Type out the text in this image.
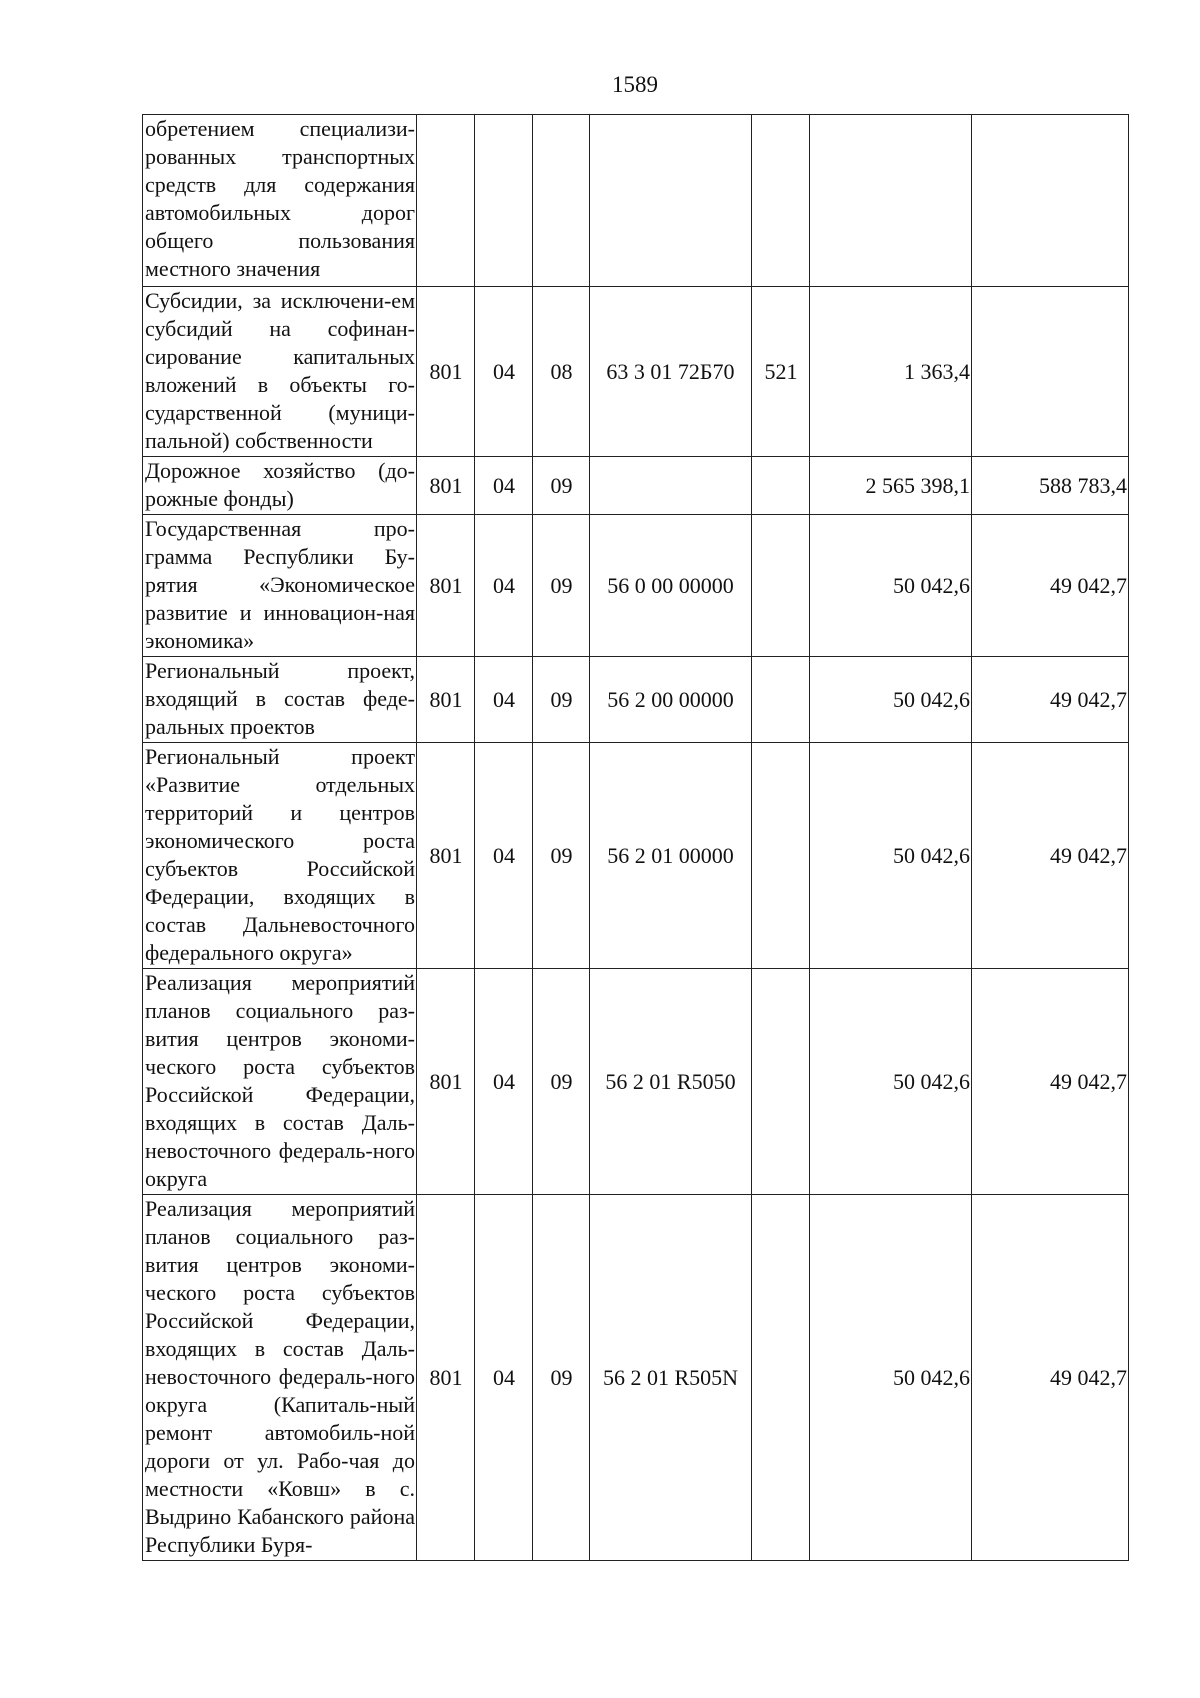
1589
обретением специализи-рованных транспортных средств для содержания автомобильных дорог общего пользования местного значения							
Субсидии, за исключени-ем субсидий на софинан-сирование капитальных вложений в объекты го-сударственной (муници-пальной) собственности	801	04	08	63 3 01 72Б70	521	1 363,4	
Дорожное хозяйство (до-рожные фонды)	801	04	09			2 565 398,1	588 783,4
Государственная про-грамма Республики Бу-рятия «Экономическое развитие и инновацион-ная экономика»	801	04	09	56 0 00 00000		50 042,6	49 042,7
Региональный проект, входящий в состав феде-ральных проектов	801	04	09	56 2 00 00000		50 042,6	49 042,7
Региональный проект «Развитие отдельных территорий и центров экономического роста субъектов Российской Федерации, входящих в состав Дальневосточного федерального округа»	801	04	09	56 2 01 00000		50 042,6	49 042,7
Реализация мероприятий планов социального раз-вития центров экономи-ческого роста субъектов Российской Федерации, входящих в состав Даль-невосточного федераль-ного округа	801	04	09	56 2 01 R5050		50 042,6	49 042,7
Реализация мероприятий планов социального раз-вития центров экономи-ческого роста субъектов Российской Федерации, входящих в состав Даль-невосточного федераль-ного округа (Капиталь-ный ремонт автомобиль-ной дороги от ул. Рабо-чая до местности «Ковш» в с. Выдрино Кабанского района Республики Буря-	801	04	09	56 2 01 R505N		50 042,6	49 042,7
